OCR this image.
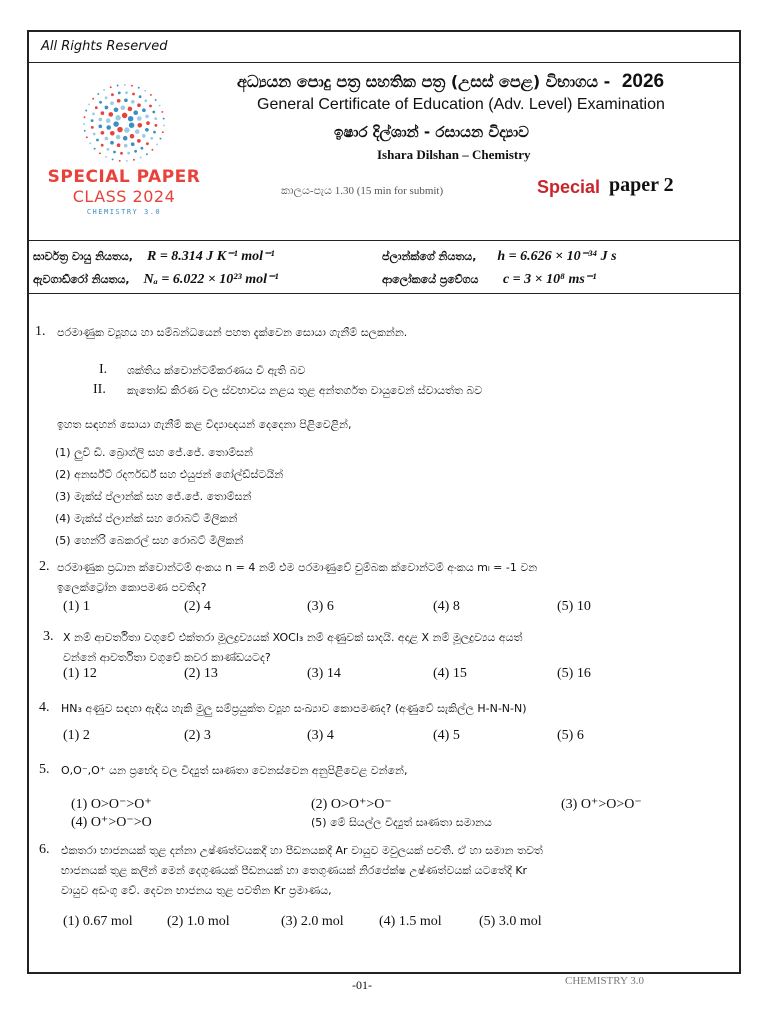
All Rights Reserved
SPECIAL PAPER
CLASS 2024
CHEMISTRY 3.0
අධ්‍යයන පොදු පත්‍ර සහතික පත්‍ර (උසස් පෙළ) විභාගය - 2026
General Certificate of Education (Adv. Level) Examination
ඉෂාර දිල්ශාන් - රසායන විද්‍යාව
Ishara Dilshan – Chemistry
කාලය-පැය 1.30 (15 min for submit)	Special paper 2
සාර්වත්‍ර වායු නියතය, R = 8.314 J K⁻¹ mol⁻¹	ප්ලාන්ක්ගේ නියතය, h = 6.626 × 10⁻³⁴ J s
ඇවගාඩ්රෝ නියතය, Nₐ = 6.022 × 10²³ mol⁻¹	ආලෝකයේ ප්‍රවේගය c = 3 × 10⁸ ms⁻¹
1. පරමාණුක ව්‍යූහය හා සම්බන්ධයෙන් පහත දැක්වෙන සොයා ගැනීම් සලකන්න.
I. ශක්තිය ක්වොන්ටම්කරණය වී ඇති බව
II. කැතෝඩ කිරණ වල ස්වභාවය නළය තුළ අන්තර්ගත වායුවෙන් ස්වායත්ත බව
ඉහත සඳහන් සොයා ගැනීම් කළ විද්‍යාඥයන් දෙදෙනා පිළිවෙළින්,
(1) ලුවි ඩි. බ්‍රොග්ලි සහ ජේ.ජේ. තොම්සන්
(2) අනර්ස්ට් රදර්ෆර්ඩ් සහ එයුජන් ගෝල්ඩ්ස්ටයින්
(3) මැක්ස් ප්ලාන්ක් සහ ජේ.ජේ. තොම්සන්
(4) මැක්ස් ප්ලාන්ක් සහ රොබට් මිලිකන්
(5) හෙන්රි බෙකරල් සහ රොබට් මිලිකන්
2. පරමාණුක ප්‍රධාන ක්වොන්ටම් අංකය n = 4 නම් එම පරමාණුවේ චුම්බක ක්වොන්ටම් අංකය mₗ = -1 වන
ඉලෙක්ට්‍රෝන කොපමණ පවතිද?
(1) 1	(2) 4	(3) 6	(4) 8	(5) 10
3. X නම් ආවර්තිතා වගුවේ එක්තරා මූලද්‍රව්‍යයක් XOCl₃ නම් අණුවක් සාදයි. අදාළ X නම් මූලද්‍රව්‍යය අයත්
වන්නේ ආවර්තිතා වගුවේ කවර කාණ්ඩයටද?
(1) 12	(2) 13	(3) 14	(4) 15	(5) 16
4. HN₃ අණුව සඳහා ඇඳිය හැකි මුලු සම්ප්‍රයුක්ත ව්‍යූහ සංඛ්‍යාව කොපමණද? (අණුවේ සැකිල්ල H-N-N-N)
(1) 2	(2) 3	(3) 4	(4) 5	(5) 6
5. O,O⁻,O⁺ යන ප්‍රභේද වල විද්‍යුත් සෘණතා වෙනස්වෙන අනුපිළිවෙළ වන්නේ,
(1) O>O⁻>O⁺	(2) O>O⁺>O⁻	(3) O⁺>O>O⁻
(4) O⁺>O⁻>O	(5) මේ සියල්ල විද්‍යුත් සෘණතා සමානය
6. එකතරා භාජනයක් තුළ දන්නා උෂ්ණත්වයකදී හා පීඩනයකදී Ar වායුව මවුලයක් පවතී. ඒ හා සමාන තවත්
භාජනයක් තුළ කලින් මෙන් දෙගුණයක් පීඩනයක් හා තෙගුණයක් නිරපේක්ෂ උෂ්ණත්වයක් යටතේදී Kr
වායුව අඩංගු වේ. දෙවන භාජනය තුළ පවතින Kr ප්‍රමාණය,
(1) 0.67 mol (2) 1.0 mol	(3) 2.0 mol	(4) 1.5 mol	(5) 3.0 mol
-01-	CHEMISTRY 3.0
